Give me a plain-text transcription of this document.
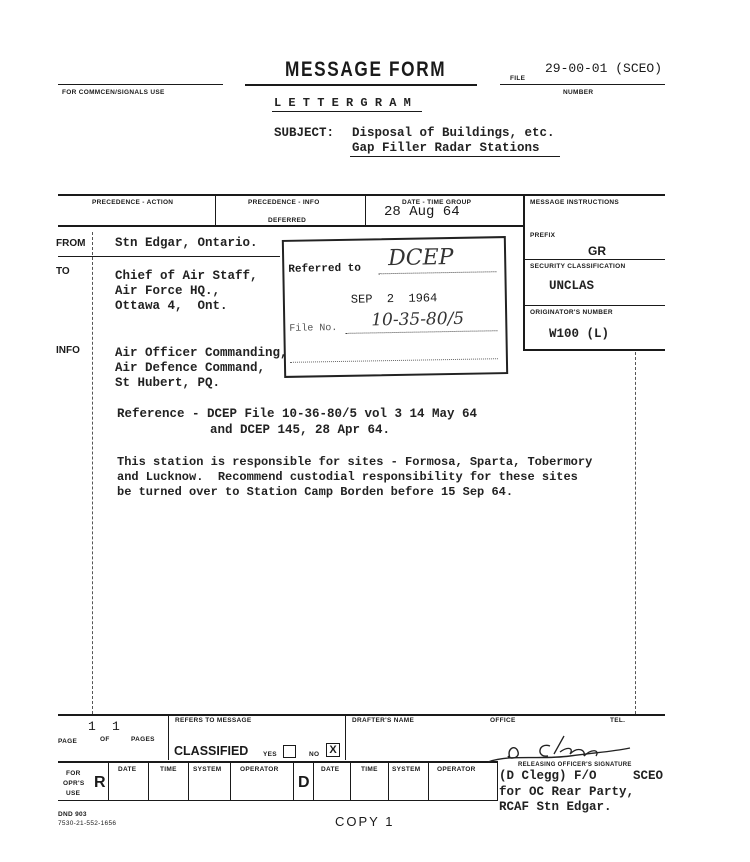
MESSAGE FORM	FILE
29-00-01 (SCEO)
NUMBER
FOR COMMCEN/SIGNALS USE
L E T T E R G R A M
SUBJECT: Disposal of Buildings, etc.
Gap Filler Radar Stations
PRECEDENCE - ACTION	PRECEDENCE - INFO
DEFERRED
DATE - TIME GROUP
28 Aug 64
MESSAGE INSTRUCTIONS
PREFIX
GR
SECURITY CLASSIFICATION
UNCLAS
ORIGINATOR'S NUMBER
W100 (L)
FROM Stn Edgar, Ontario.
TO	Chief of Air Staff,
Air Force HQ.,
Ottawa 4,  Ont.
INFO	Air Officer Commanding,
Air Defence Command,
St Hubert, PQ.
Referred to DCEP
SEP  2  1964
File No. 10-35-80/5
Reference - DCEP File 10-36-80/5 vol 3 14 May 64
and DCEP 145, 28 Apr 64.
This station is responsible for sites - Formosa, Sparta, Tobermory
and Lucknow.  Recommend custodial responsibility for these sites
be turned over to Station Camp Borden before 15 Sep 64.
1 1
PAGE	OF	PAGES
REFERS TO MESSAGE	DRAFTER'S NAME	OFFICE	TEL.
CLASSIFIED YES	NO X
FOR
OPR'S
USE
R
DATE	TIME	SYSTEM	OPERATOR
D
DATE	TIME SYSTEM	OPERATOR
RELEASING OFFICER'S SIGNATURE
(D Clegg) F/O	SCEO
for OC Rear Party,
RCAF Stn Edgar.
DND 903
7530-21-552-1656	COPY 1
